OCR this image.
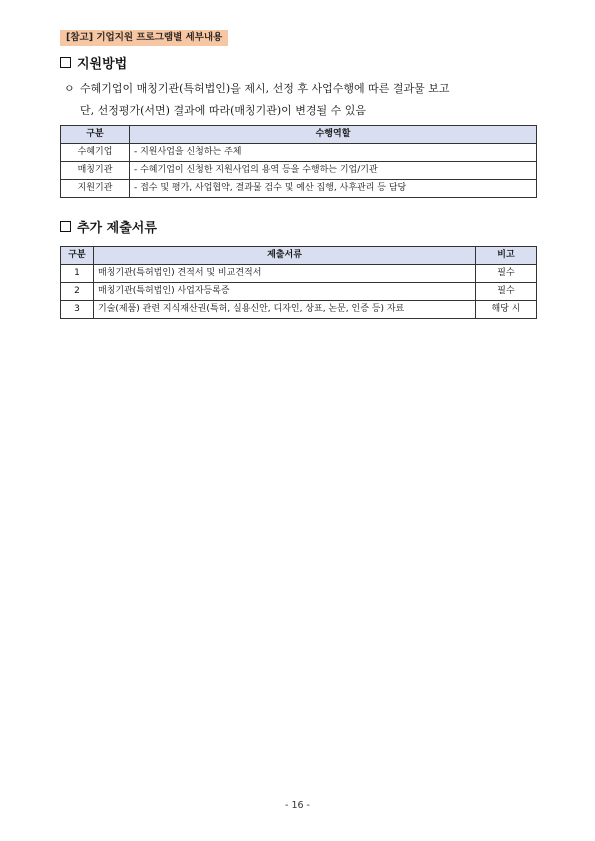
[참고] 기업지원 프로그램별 세부내용
지원방법
ㅇ 수혜기업이 매칭기관(특허법인)을 제시, 선정 후 사업수행에 따른 결과물 보고
단, 선정평가(서면) 결과에 따라(매칭기관)이 변경될 수 있음
구분	수행역할
수혜기업	- 지원사업을 신청하는 주체
매칭기관	- 수혜기업이 신청한 지원사업의 용역 등을 수행하는 기업/기관
지원기관	- 접수 및 평가, 사업협약, 결과물 검수 및 예산 집행, 사후관리 등 담당
추가 제출서류
구분	제출서류	비고
1	매칭기관(특허법인) 견적서 및 비교견적서	필수
2	매칭기관(특허법인) 사업자등록증	필수
3	기술(제품) 관련 지식재산권(특허, 실용신안, 디자인, 상표, 논문, 인증 등) 자료	해당 시
- 16 -
